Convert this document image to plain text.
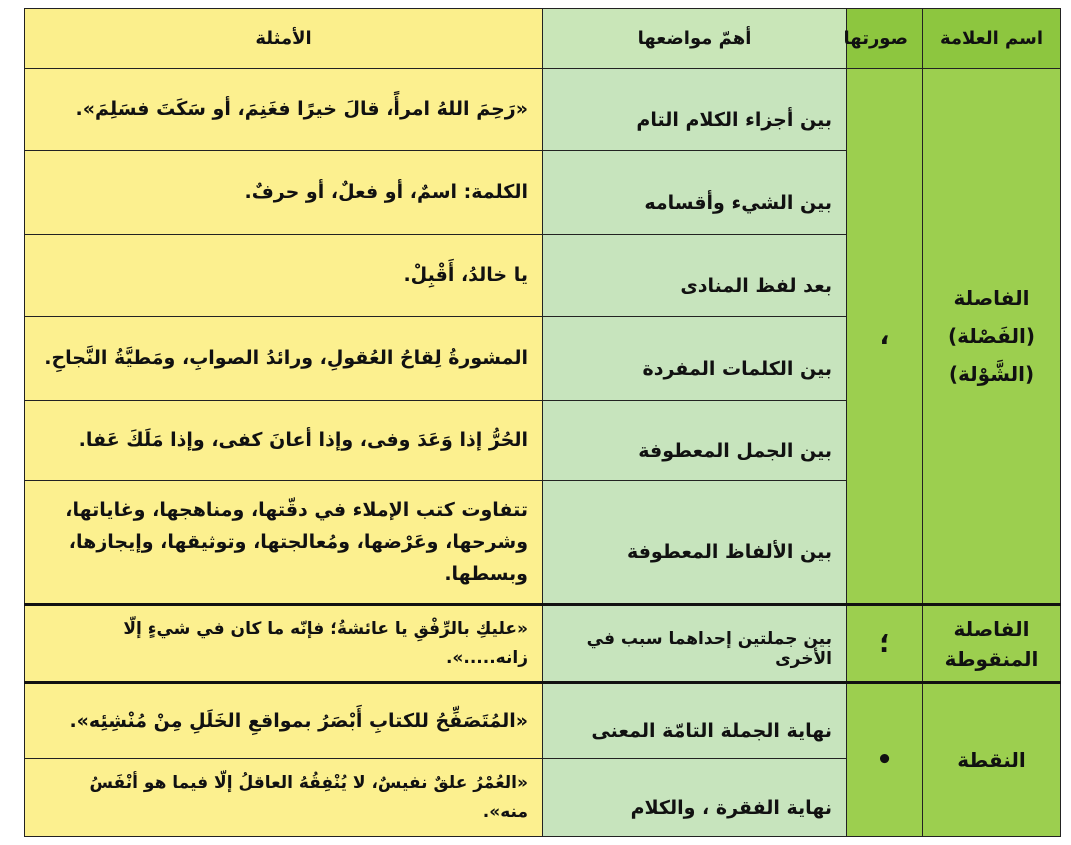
اسم العلامة	صورتها	أهمّ مواضعها	الأمثلة

الفاصلة
(الفَصْلة)
(الشَّوْلة)	،	بين أجزاء الكلام التام	«رَحِمَ اللهُ امرأً، قالَ خيرًا فغَنِمَ، أو سَكَتَ فسَلِمَ».
		بين الشيء وأقسامه	الكلمة: اسمٌ، أو فعلٌ، أو حرفٌ.
		بعد لفظ المنادى	يا خالدُ، أَقْبِلْ.
		بين الكلمات المفردة	المشورةُ لِقاحُ العُقولِ، ورائدُ الصوابِ، ومَطيَّةُ النَّجاحِ.
		بين الجمل المعطوفة	الحُرُّ إذا وَعَدَ وفى، وإذا أعانَ كفى، وإذا مَلَكَ عَفا.
		بين الألفاظ المعطوفة	تتفاوت كتب الإملاء في دقّتها، ومناهجها، وغاياتها، وشرحها، وعَرْضها، ومُعالجتها، وتوثيقها، وإيجازها، وبسطها.
الفاصلة المنقوطة	؛	بين جملتين إحداهما سبب في الأخرى	«عليكِ بالرِّفْقِ يا عائشةُ؛ فإنّه ما كان في شيءٍ إلّا زانه.....».
النقطة	•	نهاية الجملة التامّة المعنى	«المُتَصَفِّحُ للكتابِ أَبْصَرُ بمواقعِ الخَلَلِ مِنْ مُنْشِئِه».
		نهاية الفقرة ، والكلام	«العُمْرُ علقٌ نفيسٌ، لا يُنْفِقُهُ العاقلُ إلّا فيما هو أنْفَسُ منه».
